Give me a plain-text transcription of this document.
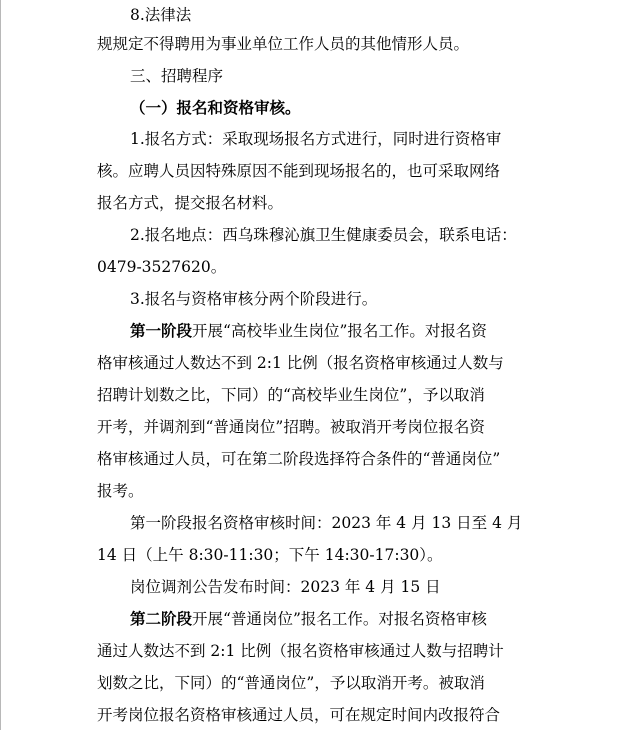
8.法律法
规规定不得聘用为事业单位工作人员的其他情形人员。
三、招聘程序
（一）报名和资格审核。
1.报名方式：采取现场报名方式进行，同时进行资格审
核。应聘人员因特殊原因不能到现场报名的，也可采取网络
报名方式，提交报名材料。
2.报名地点：西乌珠穆沁旗卫生健康委员会，联系电话：
0479-3527620。
3.报名与资格审核分两个阶段进行。
第一阶段开展“高校毕业生岗位”报名工作。对报名资
格审核通过人数达不到 2:1 比例（报名资格审核通过人数与
招聘计划数之比，下同）的“高校毕业生岗位”，予以取消
开考，并调剂到“普通岗位”招聘。被取消开考岗位报名资
格审核通过人员，可在第二阶段选择符合条件的“普通岗位”
报考。
第一阶段报名资格审核时间：2023 年 4 月 13 日至 4 月
14 日（上午 8:30-11:30；下午 14:30-17:30）。
岗位调剂公告发布时间：2023 年 4 月 15 日
第二阶段开展“普通岗位”报名工作。对报名资格审核
通过人数达不到 2:1 比例（报名资格审核通过人数与招聘计
划数之比，下同）的“普通岗位”，予以取消开考。被取消
开考岗位报名资格审核通过人员，可在规定时间内改报符合
